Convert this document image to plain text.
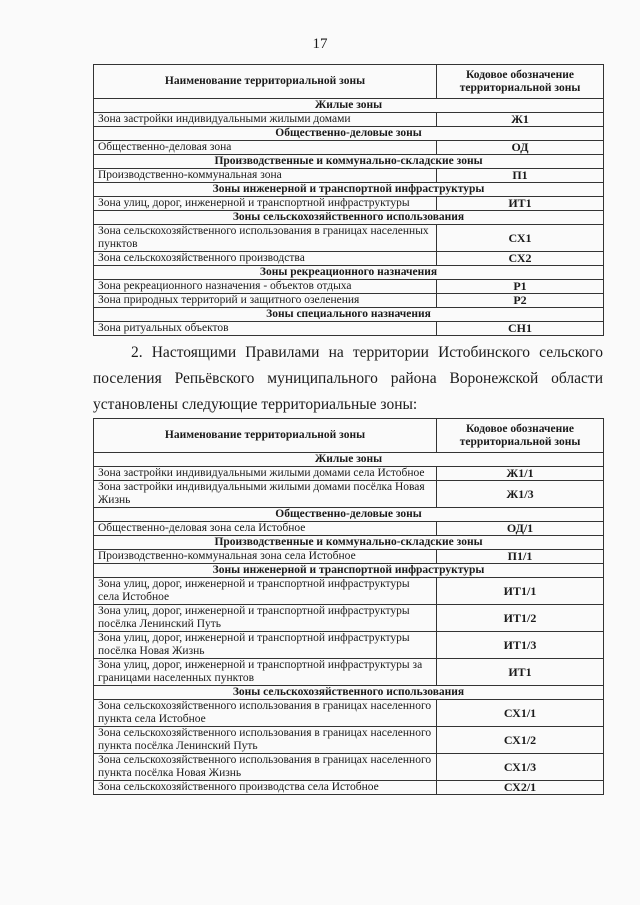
17
Наименование территориальной зоны	Кодовое обозначение территориальной зоны
Жилые зоны	
Зона застройки индивидуальными жилыми домами	Ж1
Общественно-деловые зоны	
Общественно-деловая зона	ОД
Производственные и коммунально-складские зоны	
Производственно-коммунальная зона	П1
Зоны инженерной и транспортной инфраструктуры	
Зона улиц, дорог, инженерной и транспортной инфраструктуры	ИТ1
Зоны сельскохозяйственного использования	
Зона сельскохозяйственного использования в границах населенных пунктов	СХ1
Зона сельскохозяйственного производства	СХ2
Зоны рекреационного назначения	
Зона рекреационного назначения - объектов отдыха	Р1
Зона природных территорий и защитного озеленения	Р2
Зоны специального назначения	
Зона ритуальных объектов	СН1
2. Настоящими Правилами на территории Истобинского сельского поселения Репьёвского муниципального района Воронежской области установлены следующие территориальные зоны:
Наименование территориальной зоны	Кодовое обозначение территориальной зоны
Жилые зоны	
Зона застройки индивидуальными жилыми домами села Истобное	Ж1/1
Зона застройки индивидуальными жилыми домами посёлка Новая Жизнь	Ж1/3
Общественно-деловые зоны	
Общественно-деловая зона села Истобное	ОД/1
Производственные и коммунально-складские зоны	
Производственно-коммунальная зона села Истобное	П1/1
Зоны инженерной и транспортной инфраструктуры	
Зона улиц, дорог, инженерной и транспортной инфраструктуры села Истобное	ИТ1/1
Зона улиц, дорог, инженерной и транспортной инфраструктуры посёлка Ленинский Путь	ИТ1/2
Зона улиц, дорог, инженерной и транспортной инфраструктуры посёлка Новая Жизнь	ИТ1/3
Зона улиц, дорог, инженерной и транспортной инфраструктуры за границами населенных пунктов	ИТ1
Зоны сельскохозяйственного использования	
Зона сельскохозяйственного использования в границах населенного пункта села Истобное	СХ1/1
Зона сельскохозяйственного использования в границах населенного пункта посёлка Ленинский Путь	СХ1/2
Зона сельскохозяйственного использования в границах населенного пункта посёлка Новая Жизнь	СХ1/3
Зона сельскохозяйственного производства села Истобное	СХ2/1
